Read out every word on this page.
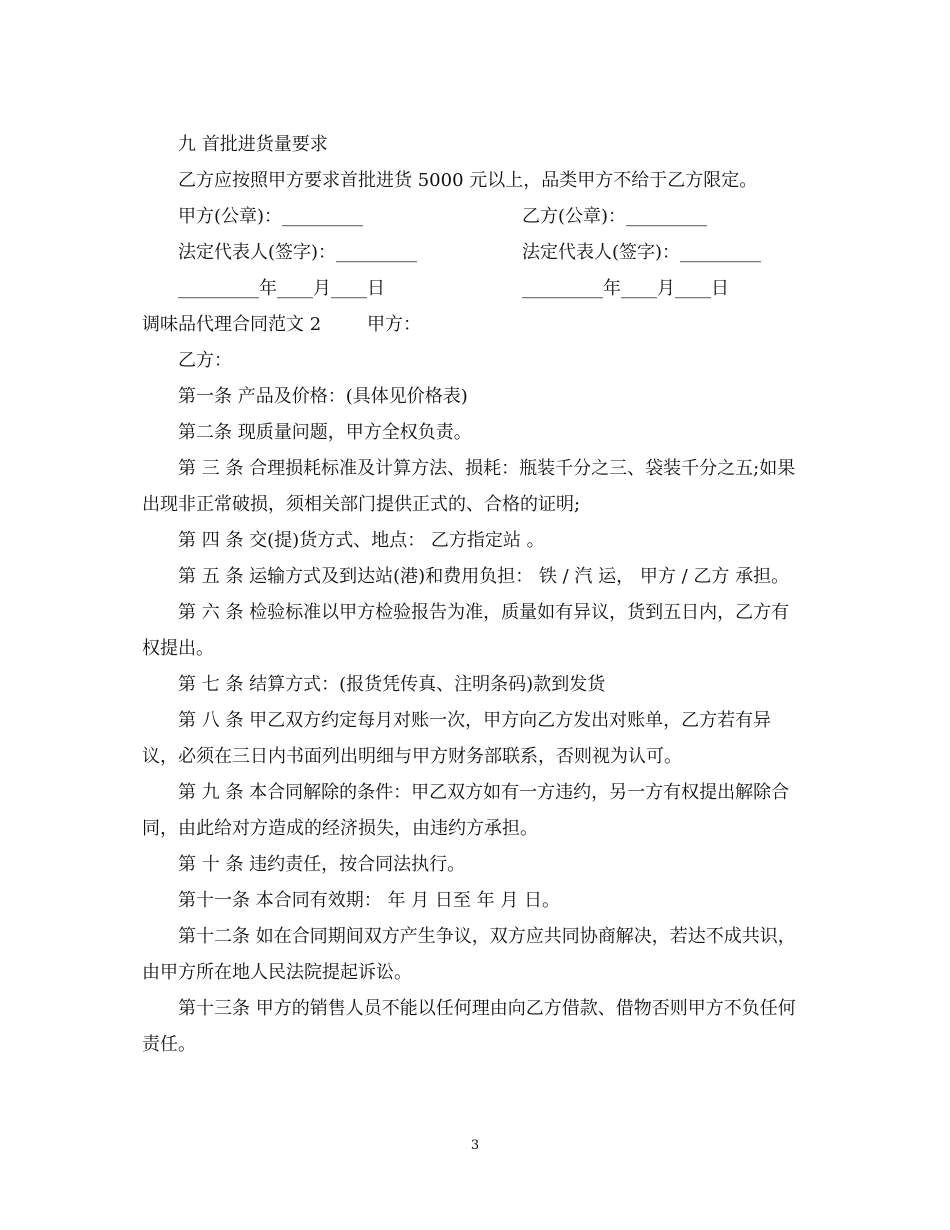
九 首批进货量要求

乙方应按照甲方要求首批进货 5000 元以上，品类甲方不给于乙方限定。

甲方(公章)：_________	乙方(公章)：_________
法定代表人(签字)：_________	法定代表人(签字)：_________
_________年____月____日	_________年____月____日

调味品代理合同范文 2        甲方：

乙方：

第一条 产品及价格：(具体见价格表)

第二条 现质量问题，甲方全权负责。

第 三 条 合理损耗标准及计算方法、损耗：瓶装千分之三、袋装千分之五;如果出现非正常破损，须相关部门提供正式的、合格的证明;

第 四 条 交(提)货方式、地点： 乙方指定站 。

第 五 条 运输方式及到达站(港)和费用负担： 铁 / 汽 运， 甲方 / 乙方 承担。

第 六 条 检验标准以甲方检验报告为准，质量如有异议，货到五日内，乙方有权提出。

第 七 条 结算方式：(报货凭传真、注明条码)款到发货

第 八 条 甲乙双方约定每月对账一次，甲方向乙方发出对账单，乙方若有异议，必须在三日内书面列出明细与甲方财务部联系，否则视为认可。

第 九 条 本合同解除的条件：甲乙双方如有一方违约，另一方有权提出解除合同，由此给对方造成的经济损失，由违约方承担。

第 十 条 违约责任，按合同法执行。

第十一条 本合同有效期： 年 月 日至 年 月 日。

第十二条 如在合同期间双方产生争议，双方应共同协商解决，若达不成共识，由甲方所在地人民法院提起诉讼。

第十三条 甲方的销售人员不能以任何理由向乙方借款、借物否则甲方不负任何责任。

3
